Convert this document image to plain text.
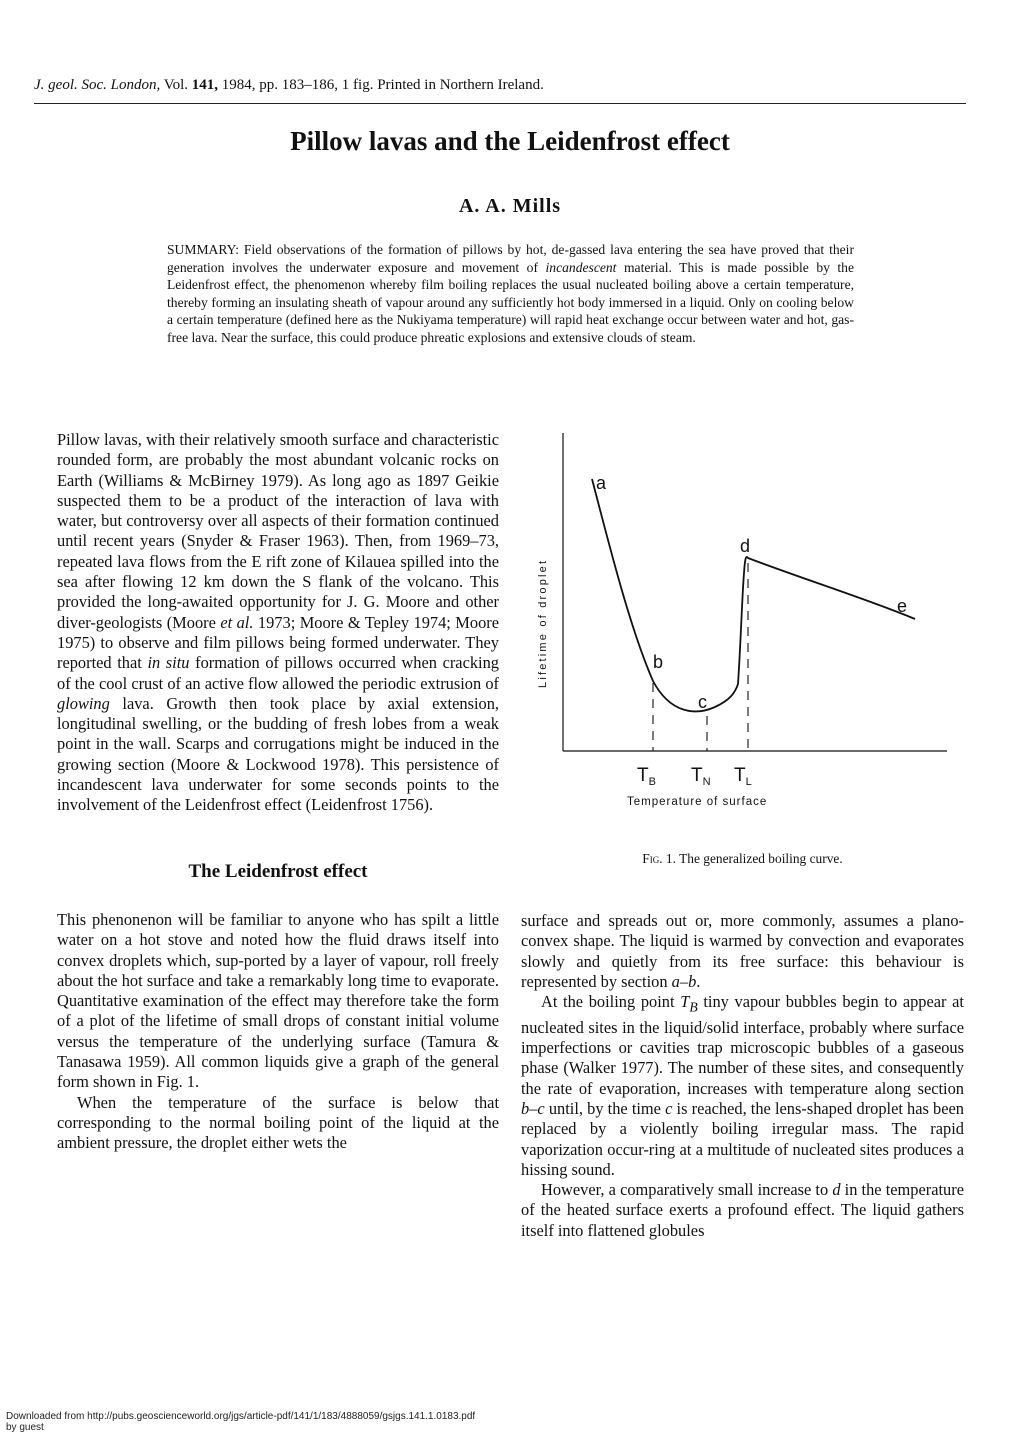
J. geol. Soc. London, Vol. 141, 1984, pp. 183–186, 1 fig. Printed in Northern Ireland.
Pillow lavas and the Leidenfrost effect
A. A. Mills
SUMMARY: Field observations of the formation of pillows by hot, de-gassed lava entering the sea have proved that their generation involves the underwater exposure and movement of incandescent material. This is made possible by the Leidenfrost effect, the phenomenon whereby film boiling replaces the usual nucleated boiling above a certain temperature, thereby forming an insulating sheath of vapour around any sufficiently hot body immersed in a liquid. Only on cooling below a certain temperature (defined here as the Nukiyama temperature) will rapid heat exchange occur between water and hot, gas-free lava. Near the surface, this could produce phreatic explosions and extensive clouds of steam.

Pillow lavas, with their relatively smooth surface and characteristic rounded form, are probably the most abundant volcanic rocks on Earth (Williams & McBirney 1979). As long ago as 1897 Geikie suspected them to be a product of the interaction of lava with water, but controversy over all aspects of their formation continued until recent years (Snyder & Fraser 1963). Then, from 1969–73, repeated lava flows from the E rift zone of Kilauea spilled into the sea after flowing 12 km down the S flank of the volcano. This provided the long-awaited opportunity for J. G. Moore and other diver-geologists (Moore et al. 1973; Moore & Tepley 1974; Moore 1975) to observe and film pillows being formed underwater. They reported that in situ formation of pillows occurred when cracking of the cool crust of an active flow allowed the periodic extrusion of glowing lava. Growth then took place by axial extension, longitudinal swelling, or the budding of fresh lobes from a weak point in the wall. Scarps and corrugations might be induced in the growing section (Moore & Lockwood 1978). This persistence of incandescent lava underwater for some seconds points to the involvement of the Leidenfrost effect (Leidenfrost 1756).

The Leidenfrost effect

This phenonenon will be familiar to anyone who has spilt a little water on a hot stove and noted how the fluid draws itself into convex droplets which, sup-ported by a layer of vapour, roll freely about the hot surface and take a remarkably long time to evaporate. Quantitative examination of the effect may therefore take the form of a plot of the lifetime of small drops of constant initial volume versus the temperature of the underlying surface (Tamura & Tanasawa 1959). All common liquids give a graph of the general form shown in Fig. 1.

When the temperature of the surface is below that corresponding to the normal boiling point of the liquid at the ambient pressure, the droplet either wets the

a
b
c
d
e
$T_B$ $T_N$ $T_L$
Temperature of surface
Lifetime of droplet
Fig. 1. The generalized boiling curve.

surface and spreads out or, more commonly, assumes a plano-convex shape. The liquid is warmed by convection and evaporates slowly and quietly from its free surface: this behaviour is represented by section a–b.

At the boiling point $T_B$ tiny vapour bubbles begin to appear at nucleated sites in the liquid/solid interface, probably where surface imperfections or cavities trap microscopic bubbles of a gaseous phase (Walker 1977). The number of these sites, and consequently the rate of evaporation, increases with temperature along section b–c until, by the time c is reached, the lens-shaped droplet has been replaced by a violently boiling irregular mass. The rapid vaporization occur-ring at a multitude of nucleated sites produces a hissing sound.

However, a comparatively small increase to d in the temperature of the heated surface exerts a profound effect. The liquid gathers itself into flattened globules

Downloaded from http://pubs.geoscienceworld.org/jgs/article-pdf/141/1/183/4888059/gsjgs.141.1.0183.pdf
by guest
